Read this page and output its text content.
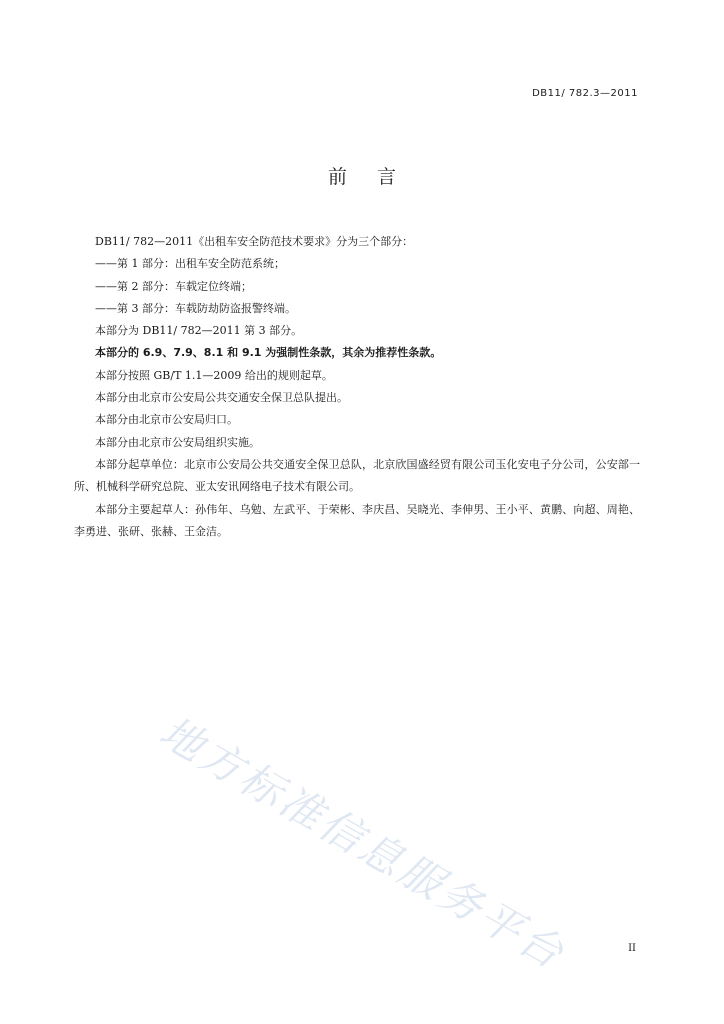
DB11/ 782.3—2011
前言

DB11/ 782—2011《出租车安全防范技术要求》分为三个部分：

——第 1 部分：出租车安全防范系统；

——第 2 部分：车载定位终端；

——第 3 部分：车载防劫防盗报警终端。

本部分为 DB11/ 782—2011 第 3 部分。

本部分的 6.9、7.9、8.1 和 9.1 为强制性条款，其余为推荐性条款。

本部分按照 GB/T 1.1—2009 给出的规则起草。

本部分由北京市公安局公共交通安全保卫总队提出。

本部分由北京市公安局归口。

本部分由北京市公安局组织实施。

本部分起草单位：北京市公安局公共交通安全保卫总队，北京欣国盛经贸有限公司玉化安电子分公司，公安部一所、机械科学研究总院、亚太安讯网络电子技术有限公司。

本部分主要起草人：孙伟年、乌勉、左武平、于荣彬、李庆昌、吴晓光、李伸男、王小平、黄鹏、向超、周艳、李勇进、张研、张赫、王金洁。

地方标准信息服务平台	II
